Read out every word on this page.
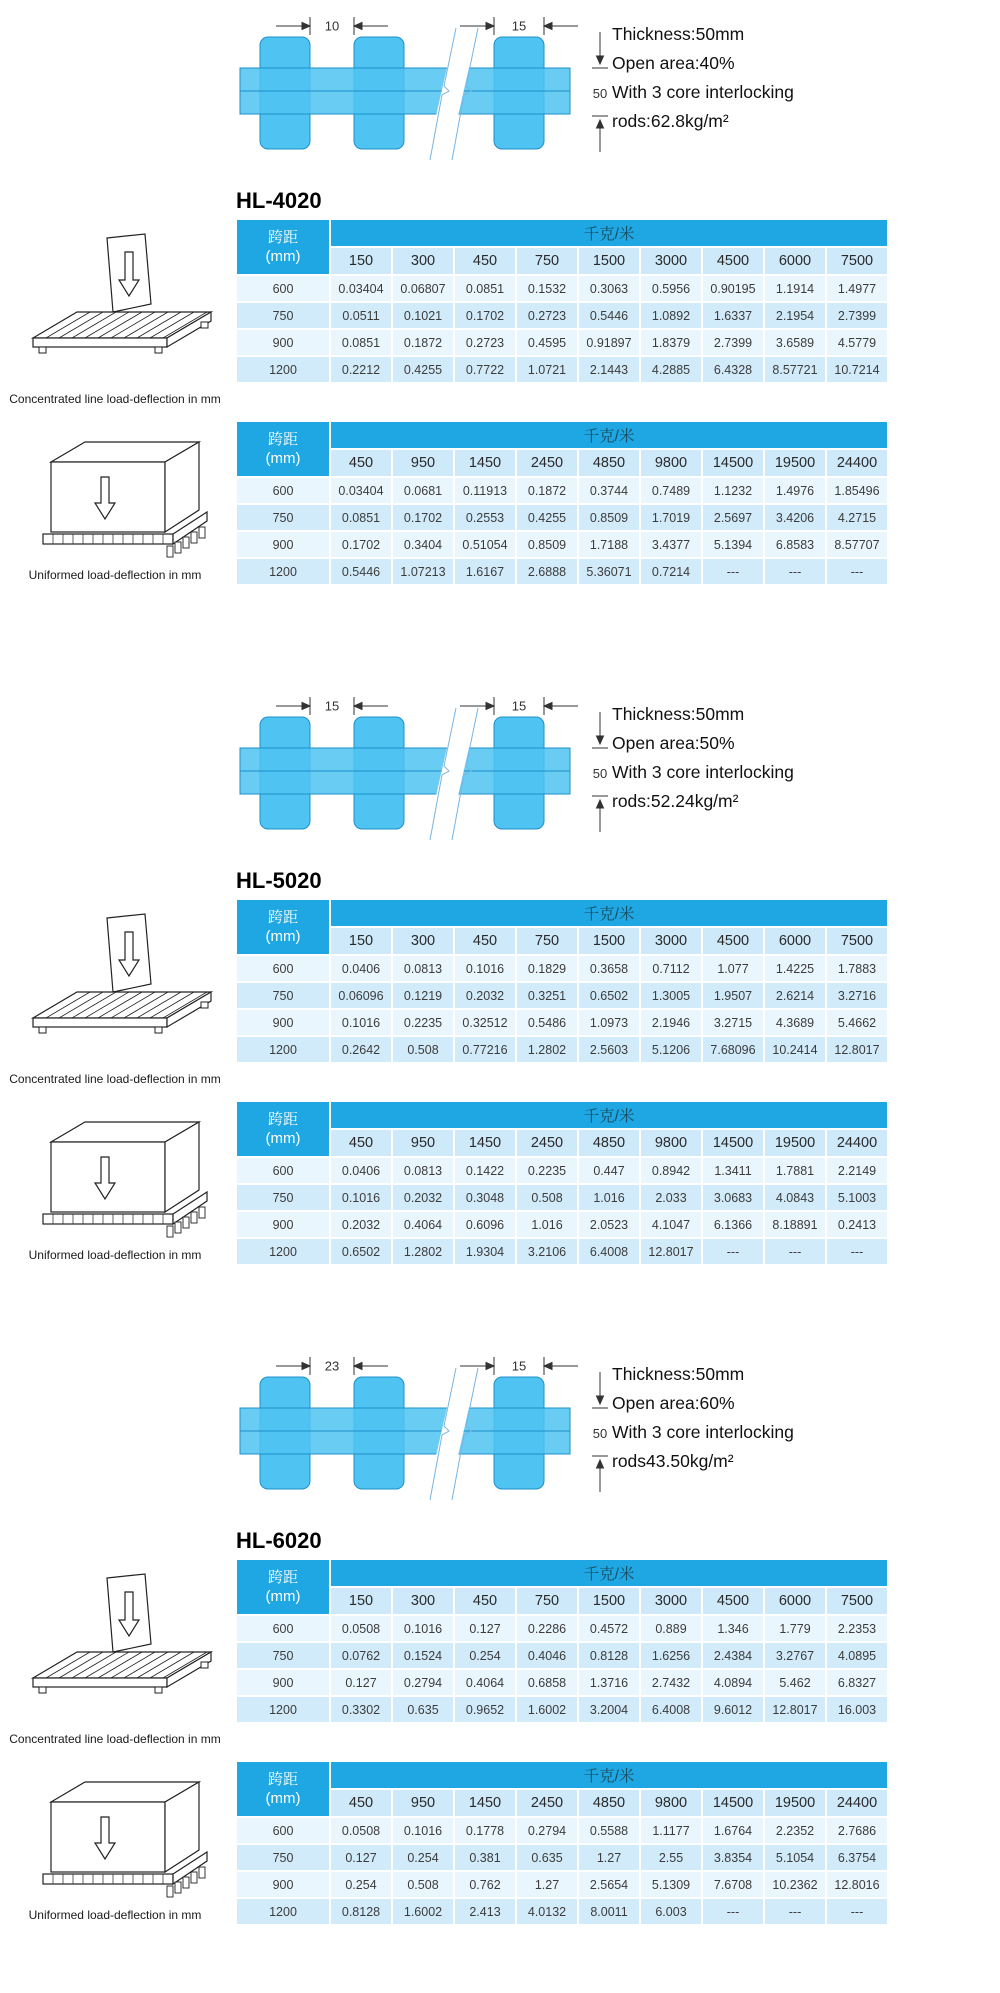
10	15
50
Thickness:50mm
Open area:40%
With 3 core interlocking
rods:62.8kg/m²
HL-4020
跨距
(mm)	千克/米								
	150	300	450	750	1500	3000	4500	6000	7500
600	0.03404	0.06807	0.0851	0.1532	0.3063	0.5956	0.90195	1.1914	1.4977
750	0.0511	0.1021	0.1702	0.2723	0.5446	1.0892	1.6337	2.1954	2.7399
900	0.0851	0.1872	0.2723	0.4595	0.91897	1.8379	2.7399	3.6589	4.5779
1200	0.2212	0.4255	0.7722	1.0721	2.1443	4.2885	6.4328	8.57721	10.7214
跨距
(mm)	千克/米								
	450	950	1450	2450	4850	9800	14500	19500	24400
600	0.03404	0.0681	0.11913	0.1872	0.3744	0.7489	1.1232	1.4976	1.85496
750	0.0851	0.1702	0.2553	0.4255	0.8509	1.7019	2.5697	3.4206	4.2715
900	0.1702	0.3404	0.51054	0.8509	1.7188	3.4377	5.1394	6.8583	8.57707
1200	0.5446	1.07213	1.6167	2.6888	5.36071	0.7214	---	---	---
Concentrated line load-deflection in mm
Uniformed load-deflection in mm
15	15
50
Thickness:50mm
Open area:50%
With 3 core interlocking
rods:52.24kg/m²
HL-5020
跨距
(mm)	千克/米								
	150	300	450	750	1500	3000	4500	6000	7500
600	0.0406	0.0813	0.1016	0.1829	0.3658	0.7112	1.077	1.4225	1.7883
750	0.06096	0.1219	0.2032	0.3251	0.6502	1.3005	1.9507	2.6214	3.2716
900	0.1016	0.2235	0.32512	0.5486	1.0973	2.1946	3.2715	4.3689	5.4662
1200	0.2642	0.508	0.77216	1.2802	2.5603	5.1206	7.68096	10.2414	12.8017
跨距
(mm)	千克/米								
	450	950	1450	2450	4850	9800	14500	19500	24400
600	0.0406	0.0813	0.1422	0.2235	0.447	0.8942	1.3411	1.7881	2.2149
750	0.1016	0.2032	0.3048	0.508	1.016	2.033	3.0683	4.0843	5.1003
900	0.2032	0.4064	0.6096	1.016	2.0523	4.1047	6.1366	8.18891	0.2413
1200	0.6502	1.2802	1.9304	3.2106	6.4008	12.8017	---	---	---
Concentrated line load-deflection in mm
Uniformed load-deflection in mm
23	15
50
Thickness:50mm
Open area:60%
With 3 core interlocking
rods43.50kg/m²
HL-6020
跨距
(mm)	千克/米								
	150	300	450	750	1500	3000	4500	6000	7500
600	0.0508	0.1016	0.127	0.2286	0.4572	0.889	1.346	1.779	2.2353
750	0.0762	0.1524	0.254	0.4046	0.8128	1.6256	2.4384	3.2767	4.0895
900	0.127	0.2794	0.4064	0.6858	1.3716	2.7432	4.0894	5.462	6.8327
1200	0.3302	0.635	0.9652	1.6002	3.2004	6.4008	9.6012	12.8017	16.003
跨距
(mm)	千克/米								
	450	950	1450	2450	4850	9800	14500	19500	24400
600	0.0508	0.1016	0.1778	0.2794	0.5588	1.1177	1.6764	2.2352	2.7686
750	0.127	0.254	0.381	0.635	1.27	2.55	3.8354	5.1054	6.3754
900	0.254	0.508	0.762	1.27	2.5654	5.1309	7.6708	10.2362	12.8016
1200	0.8128	1.6002	2.413	4.0132	8.0011	6.003	---	---	---
Concentrated line load-deflection in mm
Uniformed load-deflection in mm
